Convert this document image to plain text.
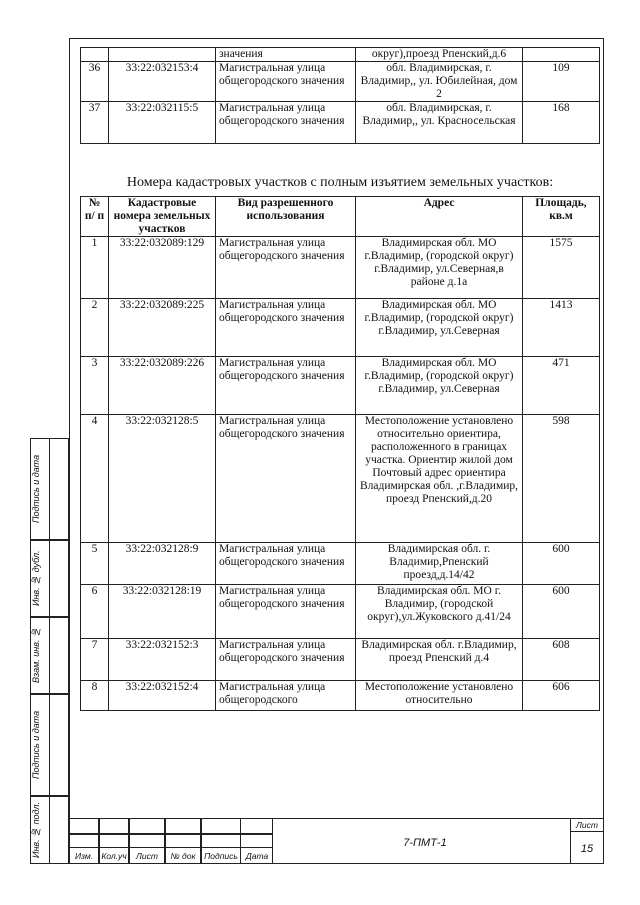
		значения	округ),проезд Рпенский,д.6	
36	33:22:032153:4	Магистральная улица общегородского значения	обл. Владимирская, г. Владимир,, ул. Юбилейная, дом 2	109
37	33:22:032115:5	Магистральная улица общегородского значения	обл. Владимирская, г. Владимир,, ул. Красносельская	168
Номера кадастровых участков с полным изъятием земельных участков:
№ п/ п	Кадастровые номера земельных участков	Вид разрешенного использования	Адрес	Площадь, кв.м
1	33:22:032089:129	Магистральная улица общегородского значения	Владимирская обл. МО г.Владимир, (городской округ) г.Владимир, ул.Северная,в районе д.1а	1575
2	33:22:032089:225	Магистральная улица общегородского значения	Владимирская обл. МО г.Владимир, (городской округ) г.Владимир, ул.Северная	1413
3	33:22:032089:226	Магистральная улица общегородского значения	Владимирская обл. МО г.Владимир, (городской округ) г.Владимир, ул.Северная	471
4	33:22:032128:5	Магистральная улица общегородского значения	Местоположение установлено относительно ориентира, расположенного в границах участка. Ориентир жилой дом Почтовый адрес ориентира Владимирская обл. ,г.Владимир, проезд Рпенский,д.20	598
5	33:22:032128:9	Магистральная улица общегородского значения	Владимирская обл. г. Владимир,Рпенский проезд,д.14/42	600
6	33:22:032128:19	Магистральная улица общегородского значения	Владимирская обл. МО г. Владимир, (городской округ),ул.Жуковского д.41/24	600
7	33:22:032152:3	Магистральная улица общегородского значения	Владимирская обл. г.Владимир, проезд Рпенский д.4	608
8	33:22:032152:4	Магистральная улица общегородского	Местоположение установлено относительно	606
Подпись и дата
Инв. № дубл.
Взам. инв. №
Подпись и дата
Инв. № подл.	Изм. Кол.уч	Лист	№ док	Подпись Дата
7-ПМТ-1
Лист
15
